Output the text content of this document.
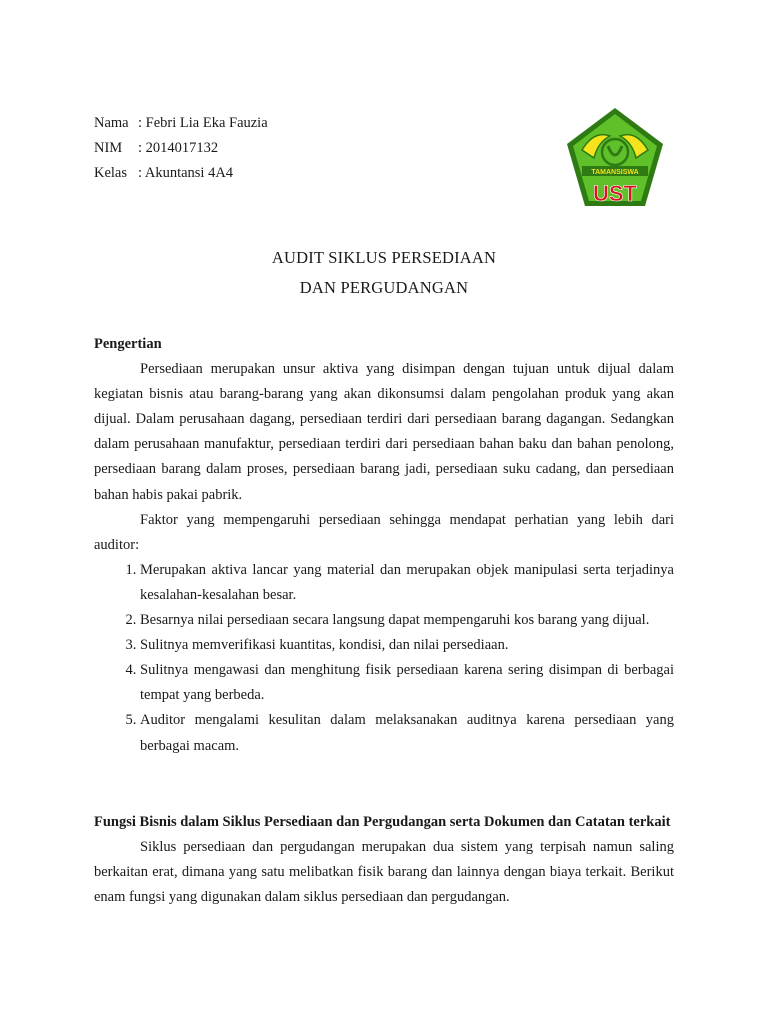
Nama : Febri Lia Eka Fauzia
NIM	: 2014017132
Kelas : Akuntansi 4A4	TAMANSISWA
UST
AUDIT SIKLUS PERSEDIAAN
DAN PERGUDANGAN
Pengertian

Persediaan merupakan unsur aktiva yang disimpan dengan tujuan untuk dijual dalam kegiatan bisnis atau barang-barang yang akan dikonsumsi dalam pengolahan produk yang akan dijual. Dalam perusahaan dagang, persediaan terdiri dari persediaan barang dagangan. Sedangkan dalam perusahaan manufaktur, persediaan terdiri dari persediaan bahan baku dan bahan penolong, persediaan barang dalam proses, persediaan barang jadi, persediaan suku cadang, dan persediaan bahan habis pakai pabrik.

Faktor yang mempengaruhi persediaan sehingga mendapat perhatian yang lebih dari auditor:

1. Merupakan aktiva lancar yang material dan merupakan objek manipulasi serta terjadinya kesalahan-kesalahan besar.
2. Besarnya nilai persediaan secara langsung dapat mempengaruhi kos barang yang dijual.
3. Sulitnya memverifikasi kuantitas, kondisi, dan nilai persediaan.
4. Sulitnya mengawasi dan menghitung fisik persediaan karena sering disimpan di berbagai tempat yang berbeda.
5. Auditor mengalami kesulitan dalam melaksanakan auditnya karena persediaan yang berbagai macam.
Fungsi Bisnis dalam Siklus Persediaan dan Pergudangan serta Dokumen dan Catatan terkait

Siklus persediaan dan pergudangan merupakan dua sistem yang terpisah namun saling berkaitan erat, dimana yang satu melibatkan fisik barang dan lainnya dengan biaya terkait. Berikut enam fungsi yang digunakan dalam siklus persediaan dan pergudangan.
